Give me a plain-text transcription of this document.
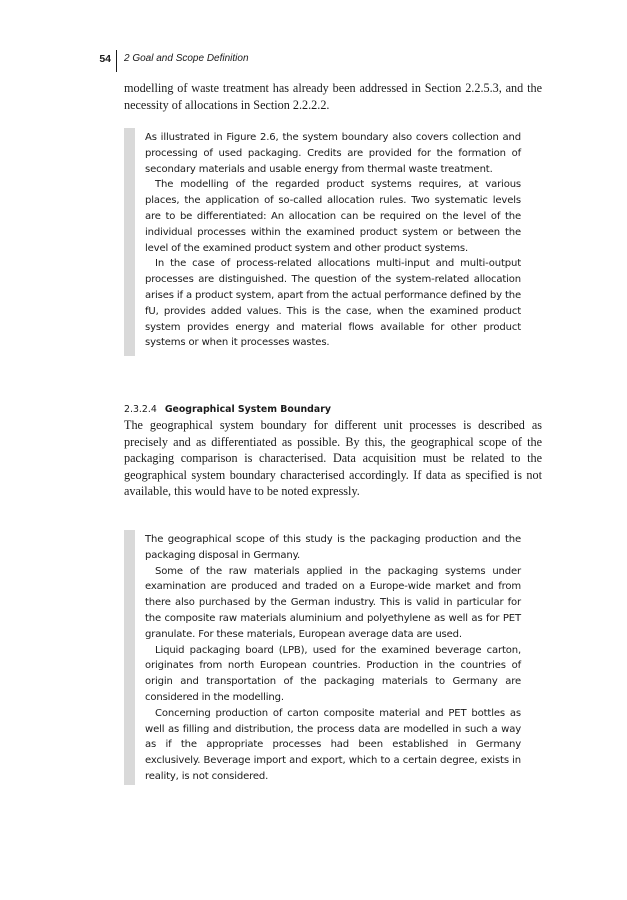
54 2 Goal and Scope Definition

modelling of waste treatment has already been addressed in Section 2.2.5.3, and the necessity of allocations in Section 2.2.2.2.

As illustrated in Figure 2.6, the system boundary also covers collection and processing of used packaging. Credits are provided for the formation of secondary materials and usable energy from thermal waste treatment.

The modelling of the regarded product systems requires, at various places, the application of so-called allocation rules. Two systematic levels are to be differentiated: An allocation can be required on the level of the individual processes within the examined product system or between the level of the examined product system and other product systems.

In the case of process-related allocations multi-input and multi-output processes are distinguished. The question of the system-related allocation arises if a product system, apart from the actual performance defined by the fU, provides added values. This is the case, when the examined product system provides energy and material flows available for other product systems or when it processes wastes.

2.3.2.4 Geographical System Boundary

The geographical system boundary for different unit processes is described as precisely and as differentiated as possible. By this, the geographical scope of the packaging comparison is characterised. Data acquisition must be related to the geographical system boundary characterised accordingly. If data as specified is not available, this would have to be noted expressly.

The geographical scope of this study is the packaging production and the packaging disposal in Germany.

Some of the raw materials applied in the packaging systems under examination are produced and traded on a Europe-wide market and from there also purchased by the German industry. This is valid in particular for the composite raw materials aluminium and polyethylene as well as for PET granulate. For these materials, European average data are used.

Liquid packaging board (LPB), used for the examined beverage carton, originates from north European countries. Production in the countries of origin and transportation of the packaging materials to Germany are considered in the modelling.

Concerning production of carton composite material and PET bottles as well as filling and distribution, the process data are modelled in such a way as if the appropriate processes had been established in Germany exclusively. Beverage import and export, which to a certain degree, exists in reality, is not considered.
